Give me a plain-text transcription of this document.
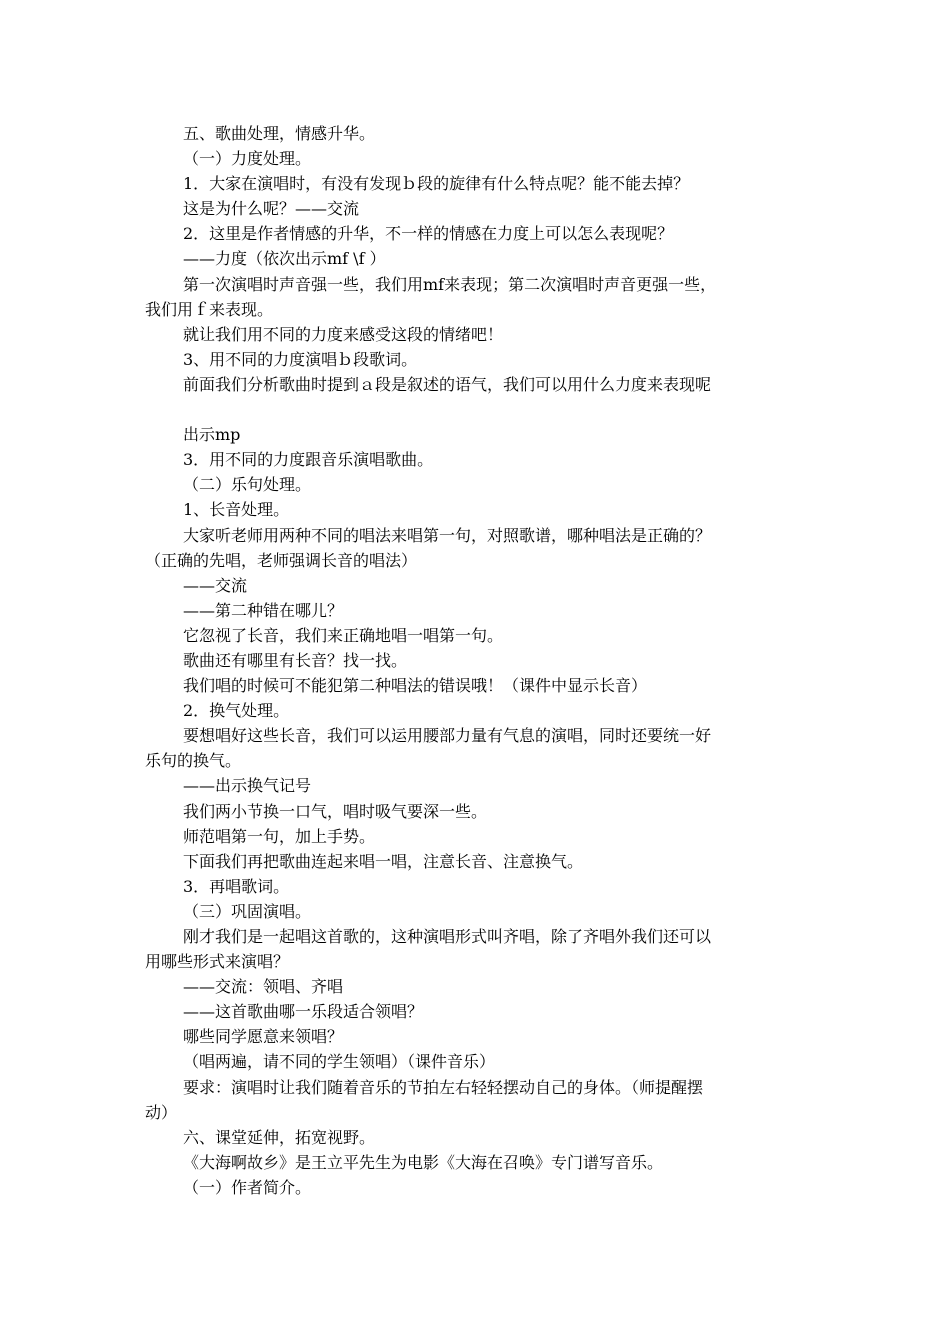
五、歌曲处理，情感升华。
（一）力度处理。
1．大家在演唱时，有没有发现ｂ段的旋律有什么特点呢？能不能去掉？
这是为什么呢？——交流
2．这里是作者情感的升华，不一样的情感在力度上可以怎么表现呢？
——力度（依次出示mf \f ）
第一次演唱时声音强一些，我们用mf来表现；第二次演唱时声音更强一些，
我们用ｆ来表现。
就让我们用不同的力度来感受这段的情绪吧！
3、用不同的力度演唱ｂ段歌词。
前面我们分析歌曲时提到ａ段是叙述的语气，我们可以用什么力度来表现呢
出示mp
3．用不同的力度跟音乐演唱歌曲。
（二）乐句处理。
1、长音处理。
大家听老师用两种不同的唱法来唱第一句，对照歌谱，哪种唱法是正确的？
（正确的先唱，老师强调长音的唱法）
——交流
——第二种错在哪儿？
它忽视了长音，我们来正确地唱一唱第一句。
歌曲还有哪里有长音？找一找。
我们唱的时候可不能犯第二种唱法的错误哦！（课件中显示长音）
2．换气处理。
要想唱好这些长音，我们可以运用腰部力量有气息的演唱，同时还要统一好
乐句的换气。
——出示换气记号
我们两小节换一口气，唱时吸气要深一些。
师范唱第一句，加上手势。
下面我们再把歌曲连起来唱一唱，注意长音、注意换气。
3．再唱歌词。
（三）巩固演唱。
刚才我们是一起唱这首歌的，这种演唱形式叫齐唱，除了齐唱外我们还可以
用哪些形式来演唱？
——交流：领唱、齐唱
——这首歌曲哪一乐段适合领唱？
哪些同学愿意来领唱？
（唱两遍，请不同的学生领唱）（课件音乐）
要求：演唱时让我们随着音乐的节拍左右轻轻摆动自己的身体。（师提醒摆
动）
六、课堂延伸，拓宽视野。
《大海啊故乡》是王立平先生为电影《大海在召唤》专门谱写音乐。
（一）作者简介。
